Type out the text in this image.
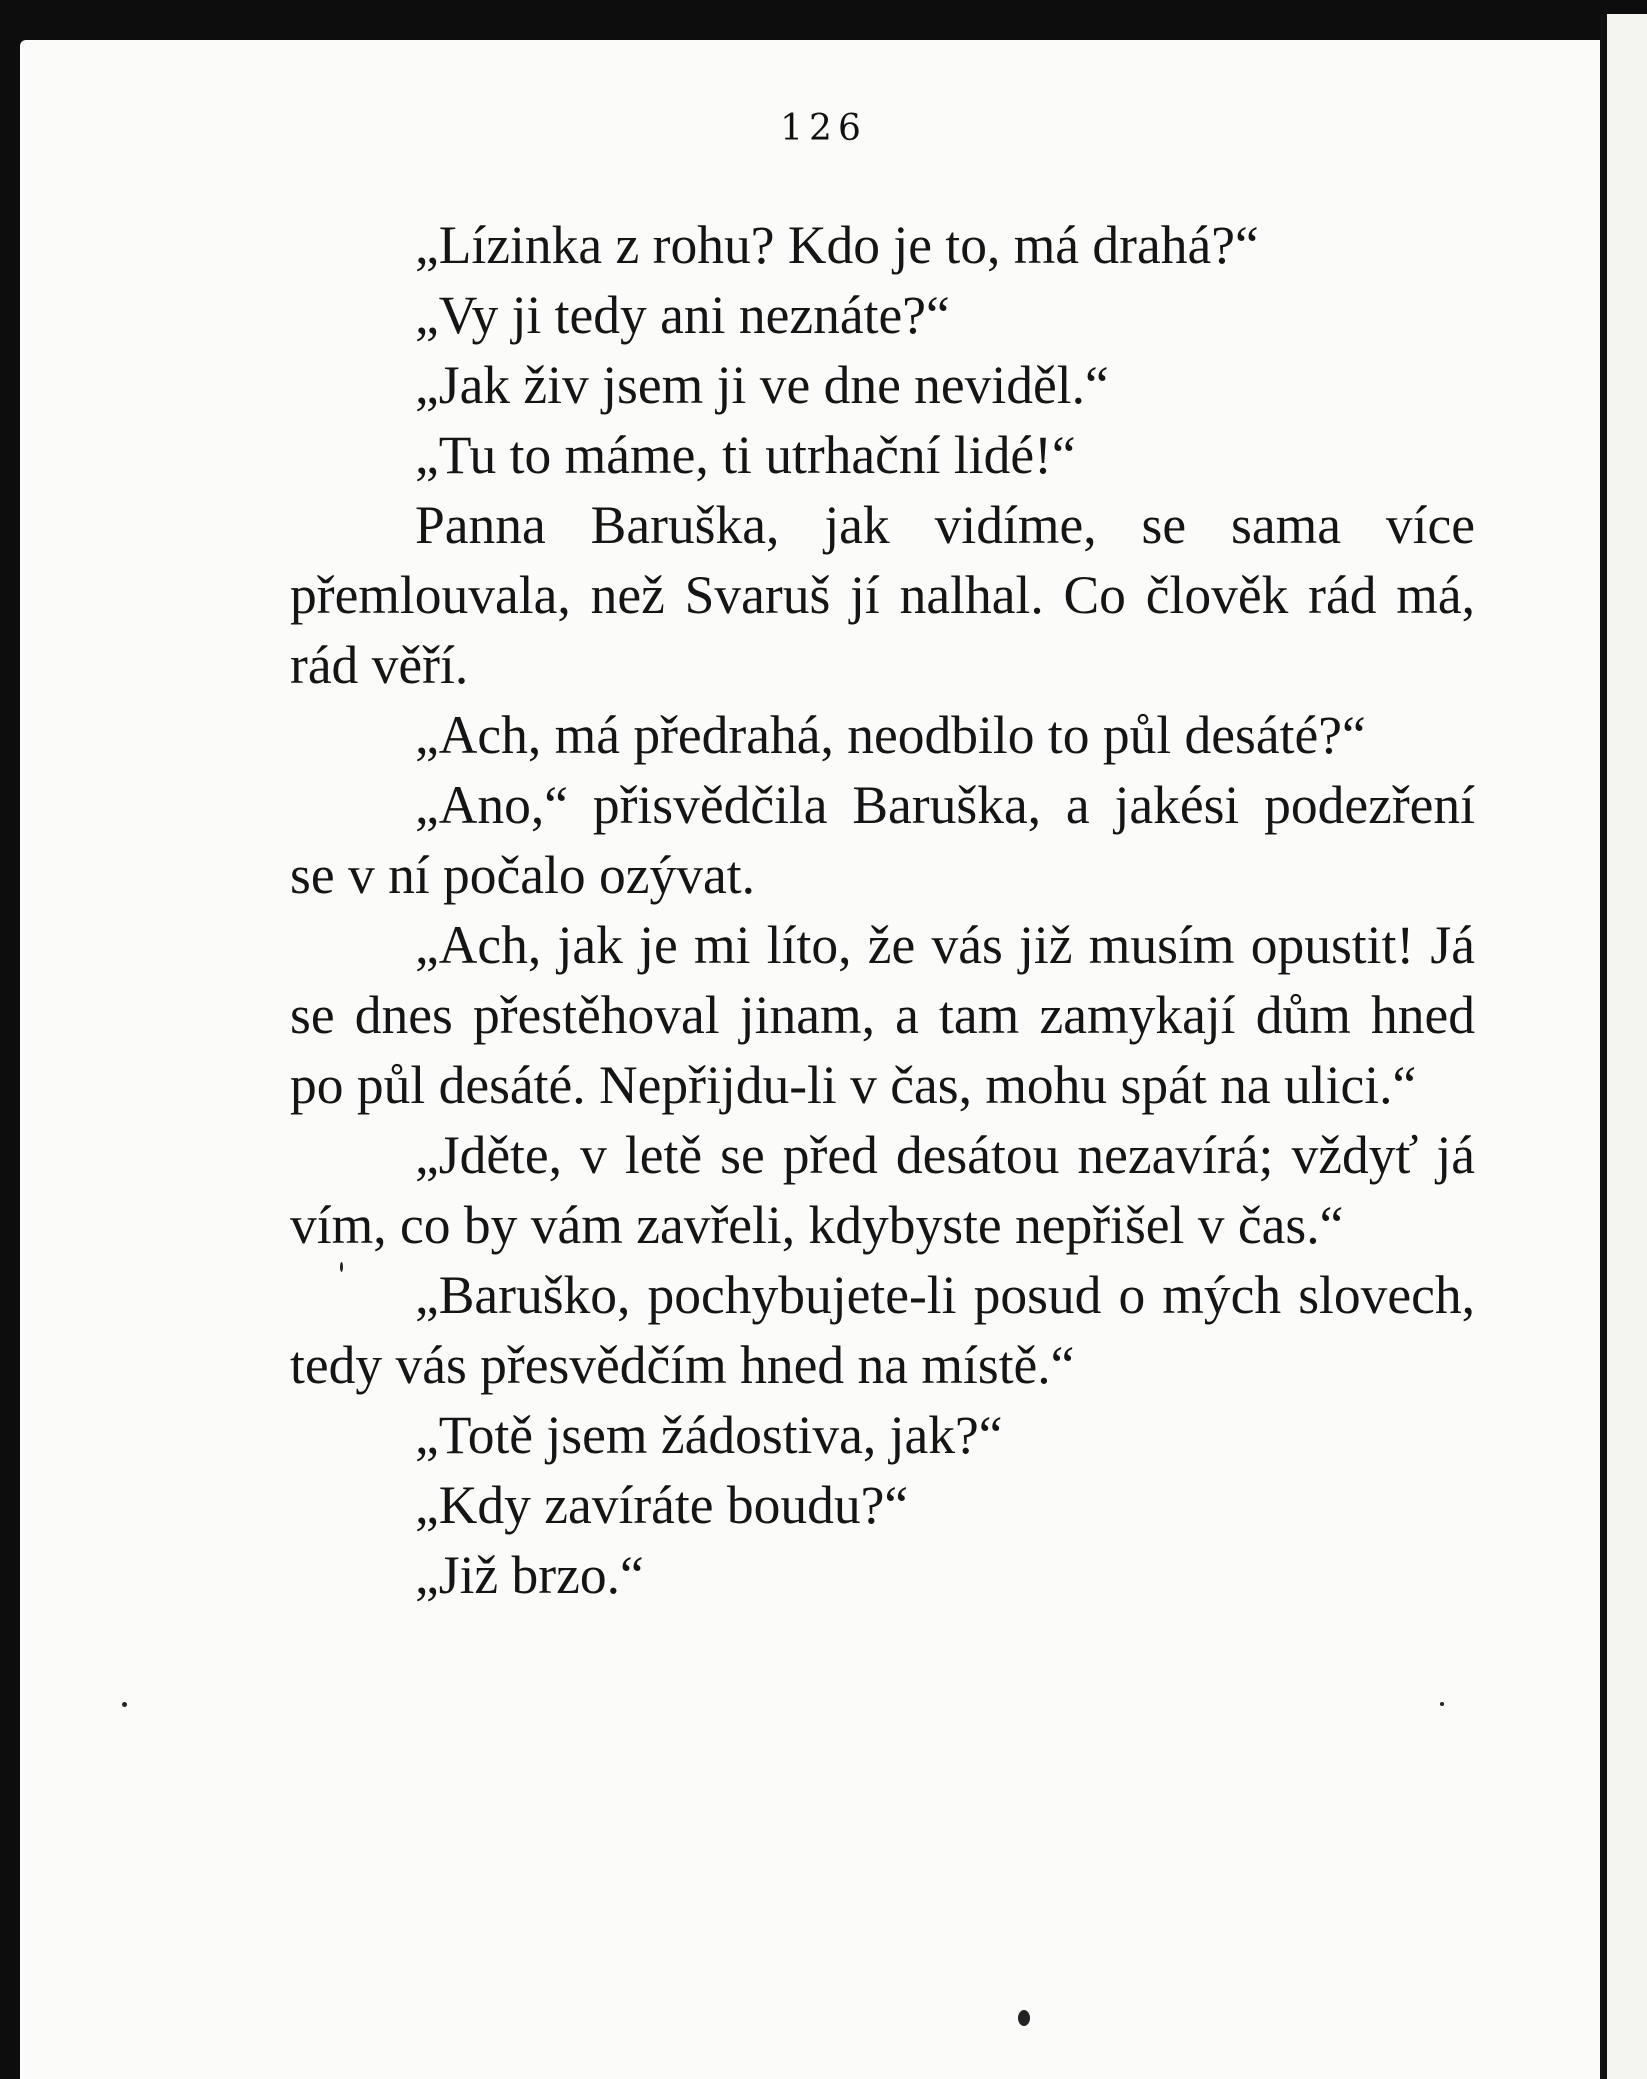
126

„Lízinka z rohu? Kdo je to, má drahá?“

„Vy ji tedy ani neznáte?“

„Jak živ jsem ji ve dne neviděl.“

„Tu to máme, ti utrhační lidé!“

Panna Baruška, jak vidíme, se sama více přemlouvala, než Svaruš jí nalhal. Co člověk rád má, rád věří.

„Ach, má předrahá, neodbilo to půl desáté?“

„Ano,“ přisvědčila Baruška, a jakési podezření se v ní počalo ozývat.

„Ach, jak je mi líto, že vás již musím opustit! Já se dnes přestěhoval jinam, a tam zamykají dům hned po půl desáté. Nepřijdu-li v čas, mohu spát na ulici.“

„Jděte, v letě se před desátou nezavírá; vždyť já vím, co by vám zavřeli, kdybyste nepřišel v čas.“

„Baruško, pochybujete-li posud o mých slovech, tedy vás přesvědčím hned na místě.“

„Totě jsem žádostiva, jak?“

„Kdy zavíráte boudu?“

„Již brzo.“
